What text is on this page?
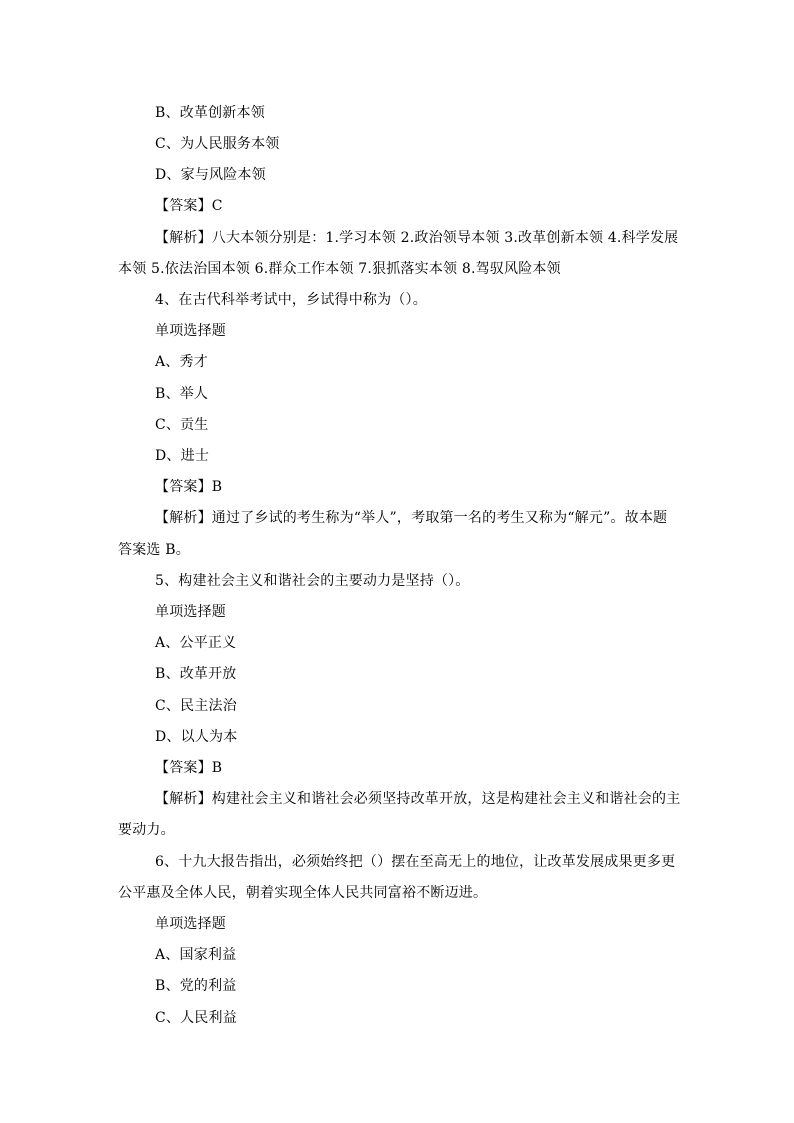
B、改革创新本领
C、为人民服务本领
D、家与风险本领
【答案】C
【解析】八大本领分别是：1.学习本领 2.政治领导本领 3.改革创新本领 4.科学发展
本领 5.依法治国本领 6.群众工作本领 7.狠抓落实本领 8.驾驭风险本领
4、在古代科举考试中，乡试得中称为（）。
单项选择题
A、秀才
B、举人
C、贡生
D、进士
【答案】B
【解析】通过了乡试的考生称为“举人”，考取第一名的考生又称为“解元”。故本题
答案选 B。
5、构建社会主义和谐社会的主要动力是坚持（）。
单项选择题
A、公平正义
B、改革开放
C、民主法治
D、以人为本
【答案】B
【解析】构建社会主义和谐社会必须坚持改革开放，这是构建社会主义和谐社会的主
要动力。
6、十九大报告指出，必须始终把（）摆在至高无上的地位，让改革发展成果更多更
公平惠及全体人民，朝着实现全体人民共同富裕不断迈进。
单项选择题
A、国家利益
B、党的利益
C、人民利益
